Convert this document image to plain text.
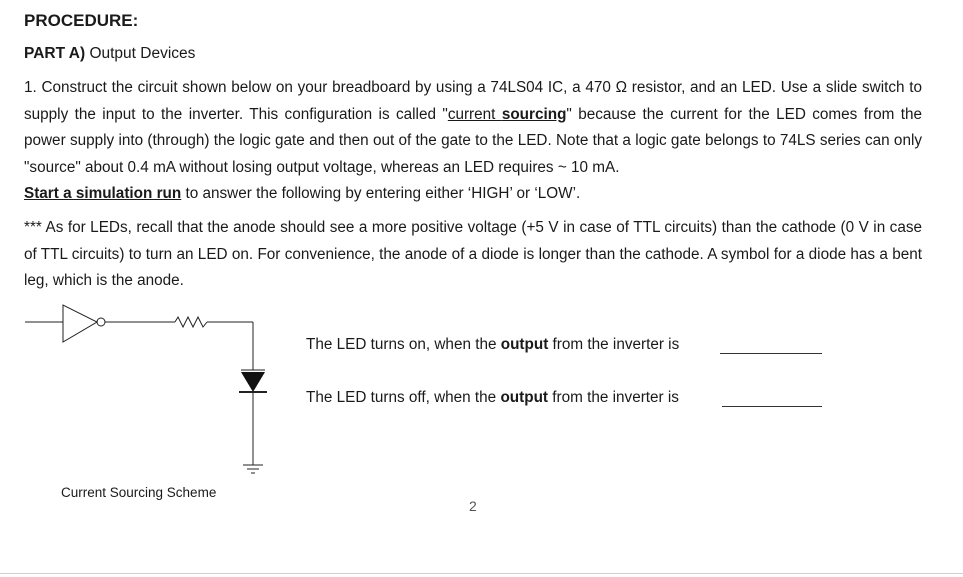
PROCEDURE:
PART A) Output Devices
1. Construct the circuit shown below on your breadboard by using a 74LS04 IC, a 470 Ω resistor, and an LED. Use a slide switch to supply the input to the inverter. This configuration is called "current sourcing" because the current for the LED comes from the power supply into (through) the logic gate and then out of the gate to the LED. Note that a logic gate belongs to 74LS series can only "source" about 0.4 mA without losing output voltage, whereas an LED requires ~ 10 mA.
Start a simulation run to answer the following by entering either ‘HIGH’ or ‘LOW’.
*** As for LEDs, recall that the anode should see a more positive voltage (+5 V in case of TTL circuits) than the cathode (0 V in case of TTL circuits) to turn an LED on. For convenience, the anode of a diode is longer than the cathode. A symbol for a diode has a bent leg, which is the anode.
The LED turns on, when the output from the inverter is
The LED turns off, when the output from the inverter is
Current Sourcing Scheme
2
